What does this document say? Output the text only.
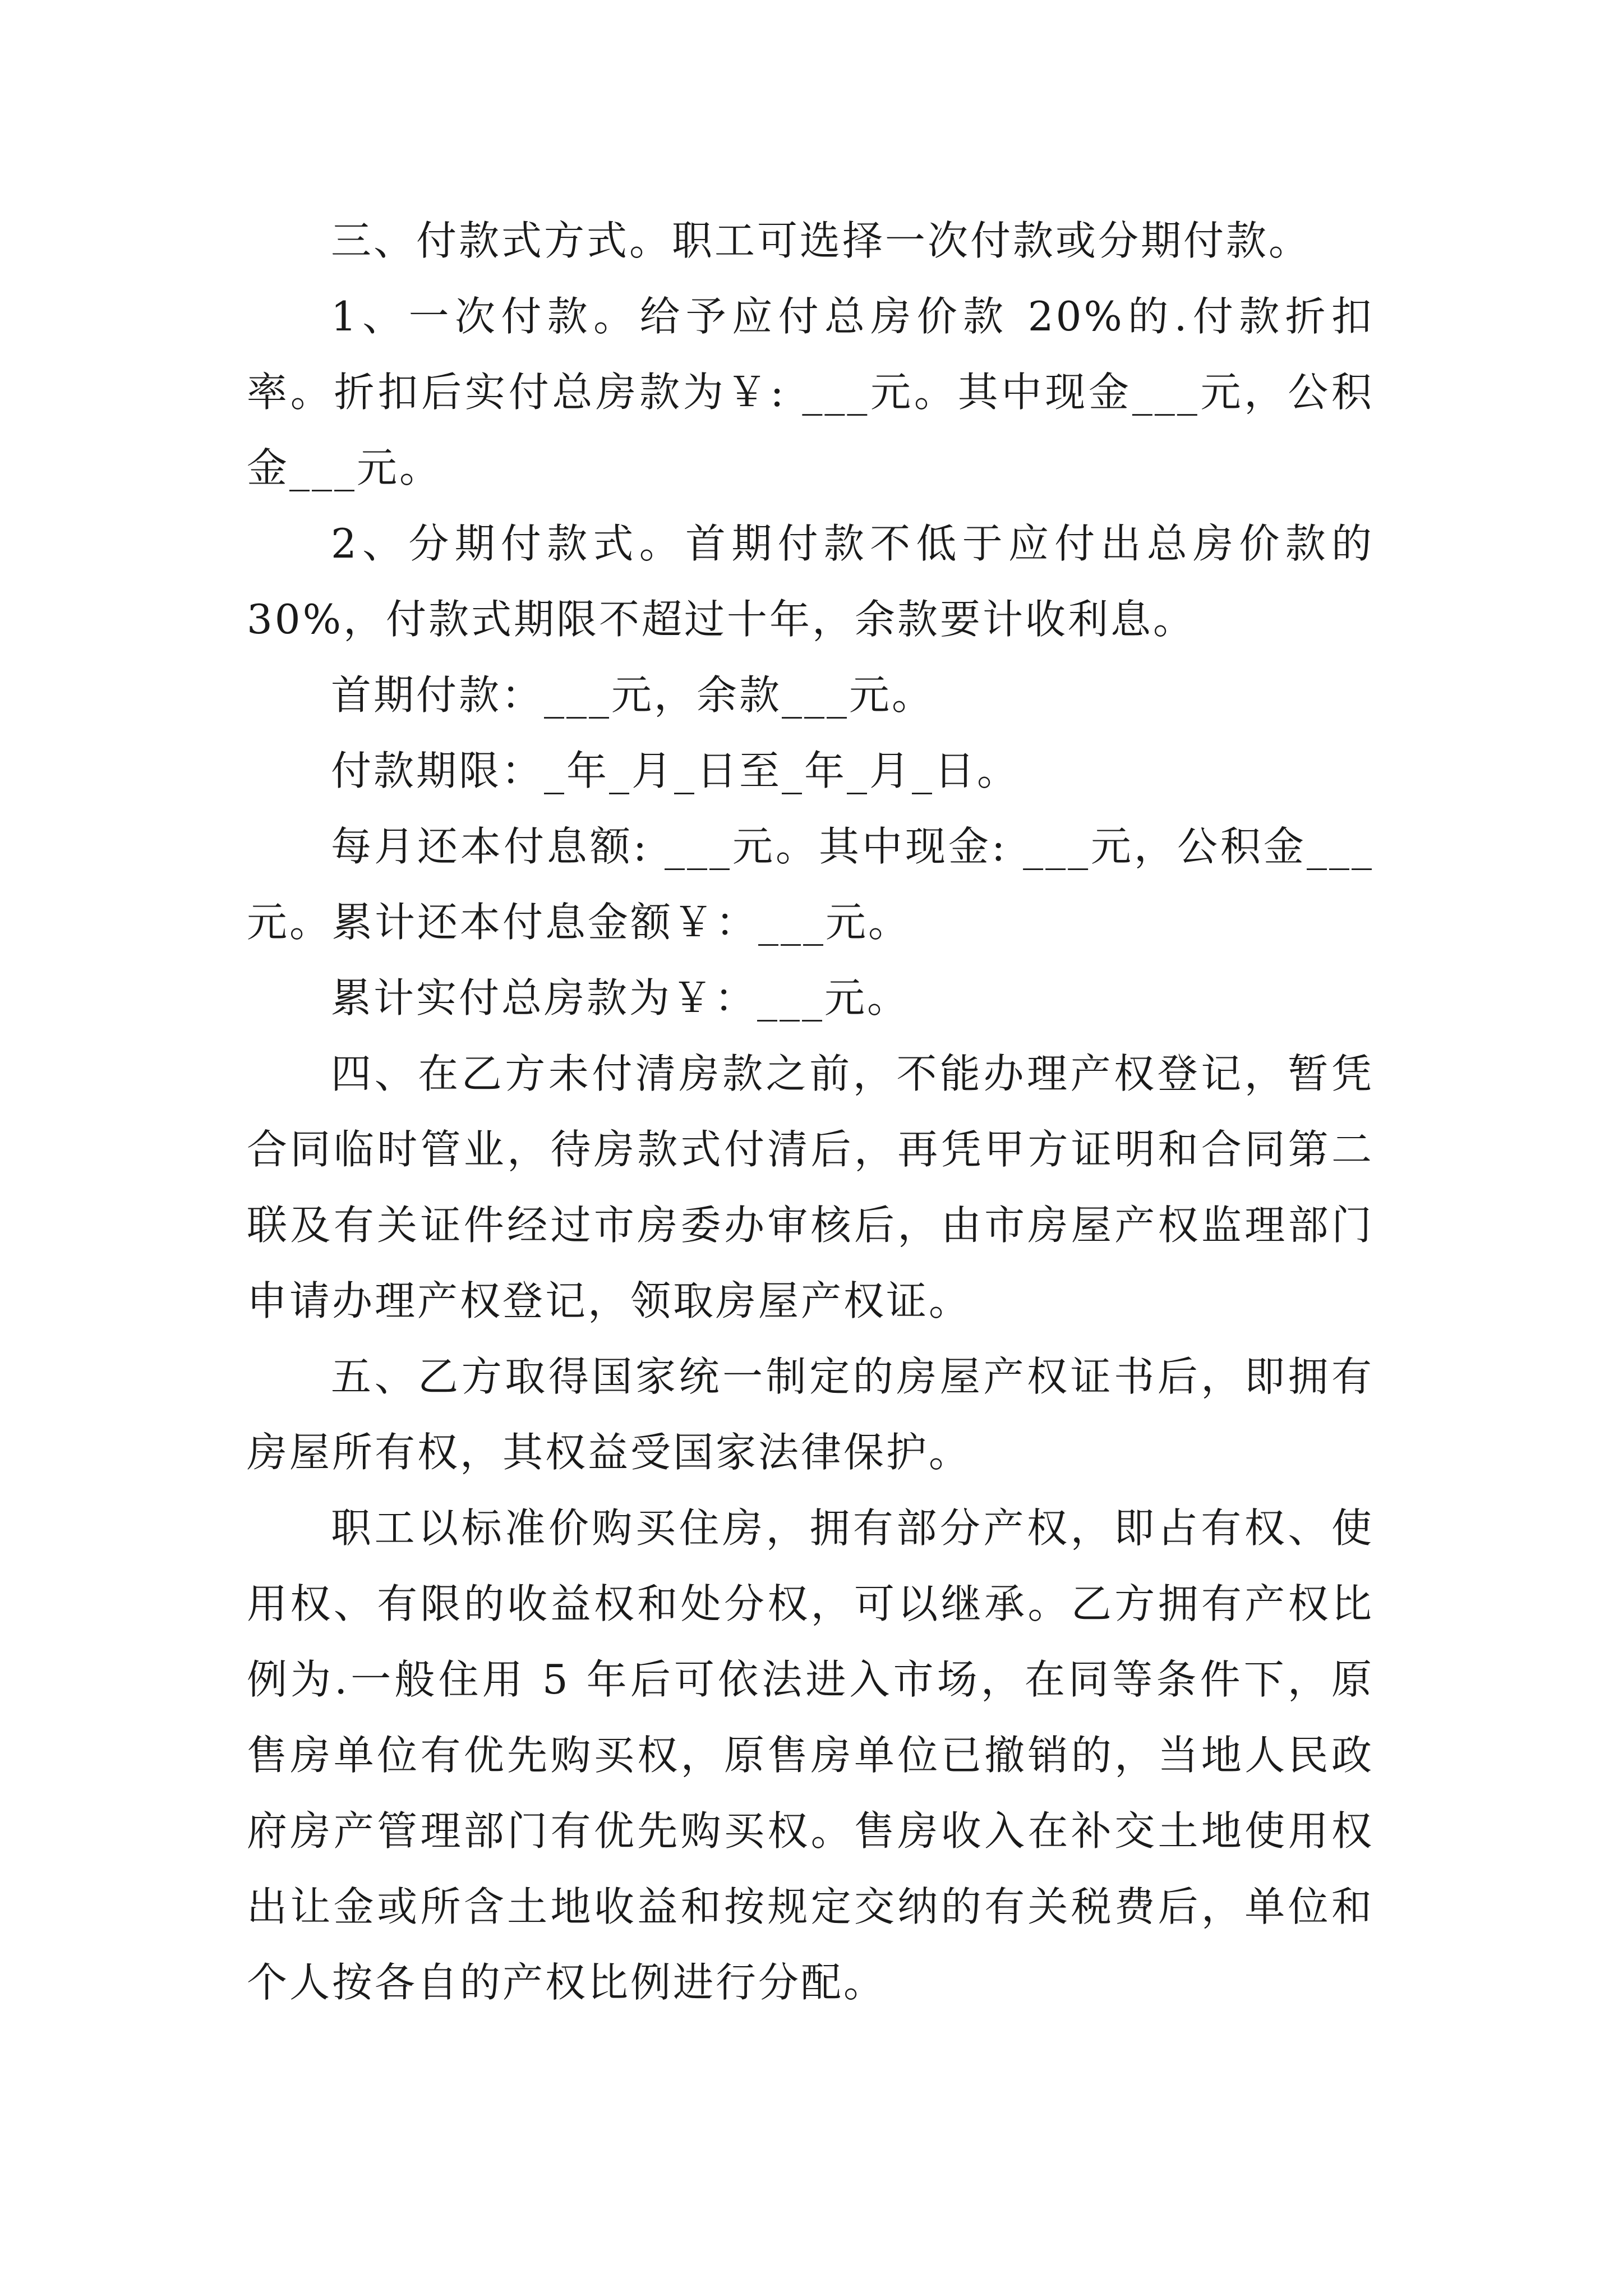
三、付款式方式。职工可选择一次付款或分期付款。

1、一次付款。给予应付总房价款 20%的.付款折扣率。折扣后实付总房款为￥: ___元。其中现金___元，公积金___元。

2、分期付款式。首期付款不低于应付出总房价款的 30%，付款式期限不超过十年，余款要计收利息。

首期付款：___元，余款___元。

付款期限：_年_月_日至_年_月_日。

每月还本付息额: ___元。其中现金: ___元，公积金___元。累计还本付息金额￥：___元。

累计实付总房款为￥：___元。

四、在乙方未付清房款之前，不能办理产权登记，暂凭合同临时管业，待房款式付清后，再凭甲方证明和合同第二联及有关证件经过市房委办审核后，由市房屋产权监理部门申请办理产权登记，领取房屋产权证。

五、乙方取得国家统一制定的房屋产权证书后，即拥有房屋所有权，其权益受国家法律保护。

职工以标准价购买住房，拥有部分产权，即占有权、使用权、有限的收益权和处分权，可以继承。乙方拥有产权比例为.一般住用 5 年后可依法进入市场，在同等条件下，原售房单位有优先购买权，原售房单位已撤销的，当地人民政府房产管理部门有优先购买权。售房收入在补交土地使用权出让金或所含土地收益和按规定交纳的有关税费后，单位和个人按各自的产权比例进行分配。
